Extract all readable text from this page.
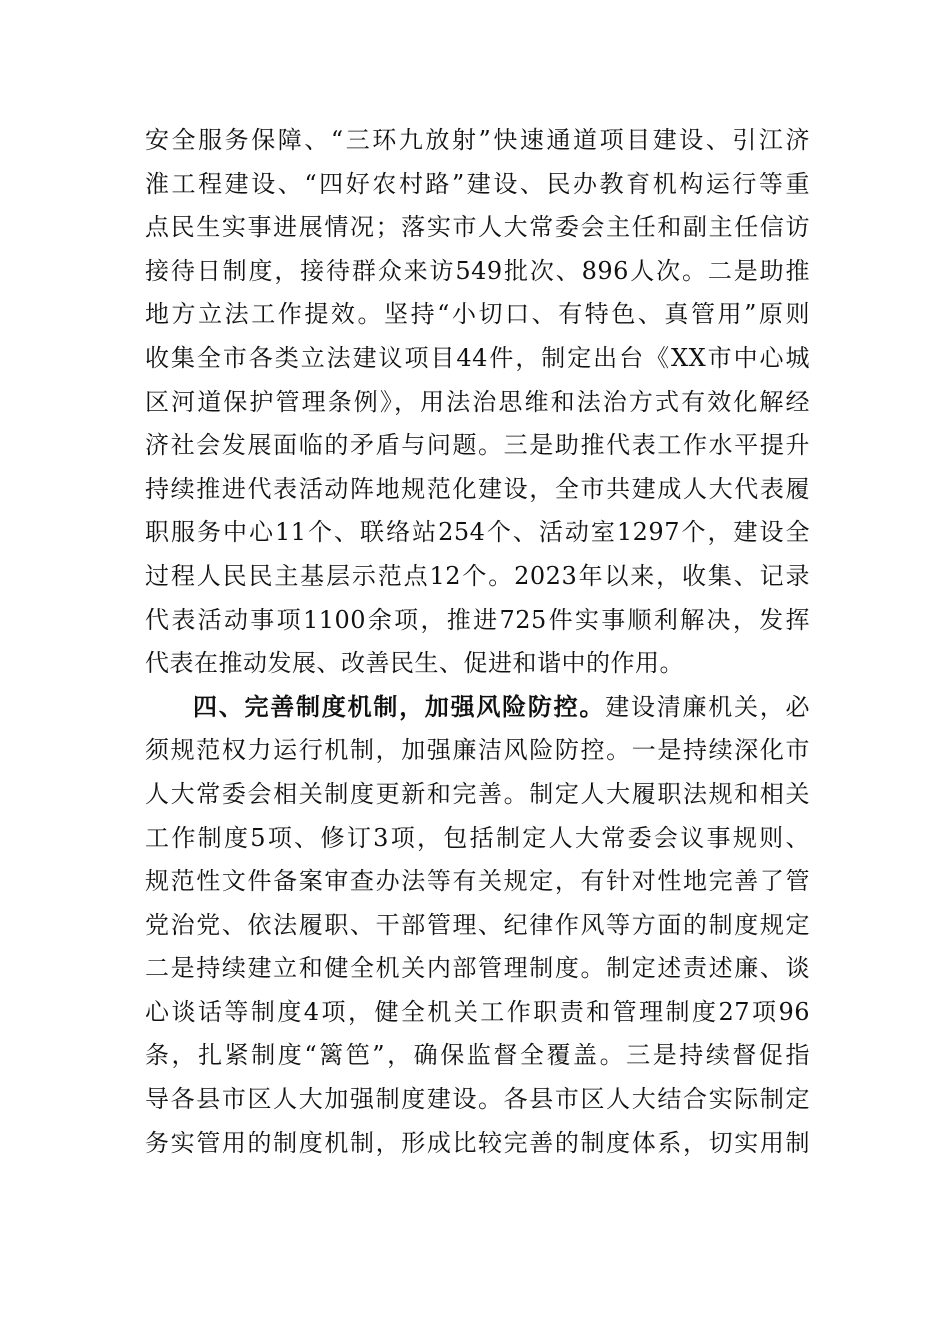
安全服务保障、“三环九放射”快速通道项目建设、引江济
淮工程建设、“四好农村路”建设、民办教育机构运行等重
点民生实事进展情况；落实市人大常委会主任和副主任信访
接待日制度，接待群众来访549批次、896人次。二是助推
地方立法工作提效。坚持“小切口、有特色、真管用”原则
收集全市各类立法建议项目44件，制定出台《XX市中心城
区河道保护管理条例》，用法治思维和法治方式有效化解经
济社会发展面临的矛盾与问题。三是助推代表工作水平提升
持续推进代表活动阵地规范化建设，全市共建成人大代表履
职服务中心11个、联络站254个、活动室1297个，建设全
过程人民民主基层示范点12个。2023年以来，收集、记录
代表活动事项1100余项，推进725件实事顺利解决，发挥
代表在推动发展、改善民生、促进和谐中的作用。
四、完善制度机制，加强风险防控。建设清廉机关，必
须规范权力运行机制，加强廉洁风险防控。一是持续深化市
人大常委会相关制度更新和完善。制定人大履职法规和相关
工作制度5项、修订3项，包括制定人大常委会议事规则、
规范性文件备案审查办法等有关规定，有针对性地完善了管
党治党、依法履职、干部管理、纪律作风等方面的制度规定
二是持续建立和健全机关内部管理制度。制定述责述廉、谈
心谈话等制度4项，健全机关工作职责和管理制度27项96
条，扎紧制度“篱笆”，确保监督全覆盖。三是持续督促指
导各县市区人大加强制度建设。各县市区人大结合实际制定
务实管用的制度机制，形成比较完善的制度体系，切实用制
